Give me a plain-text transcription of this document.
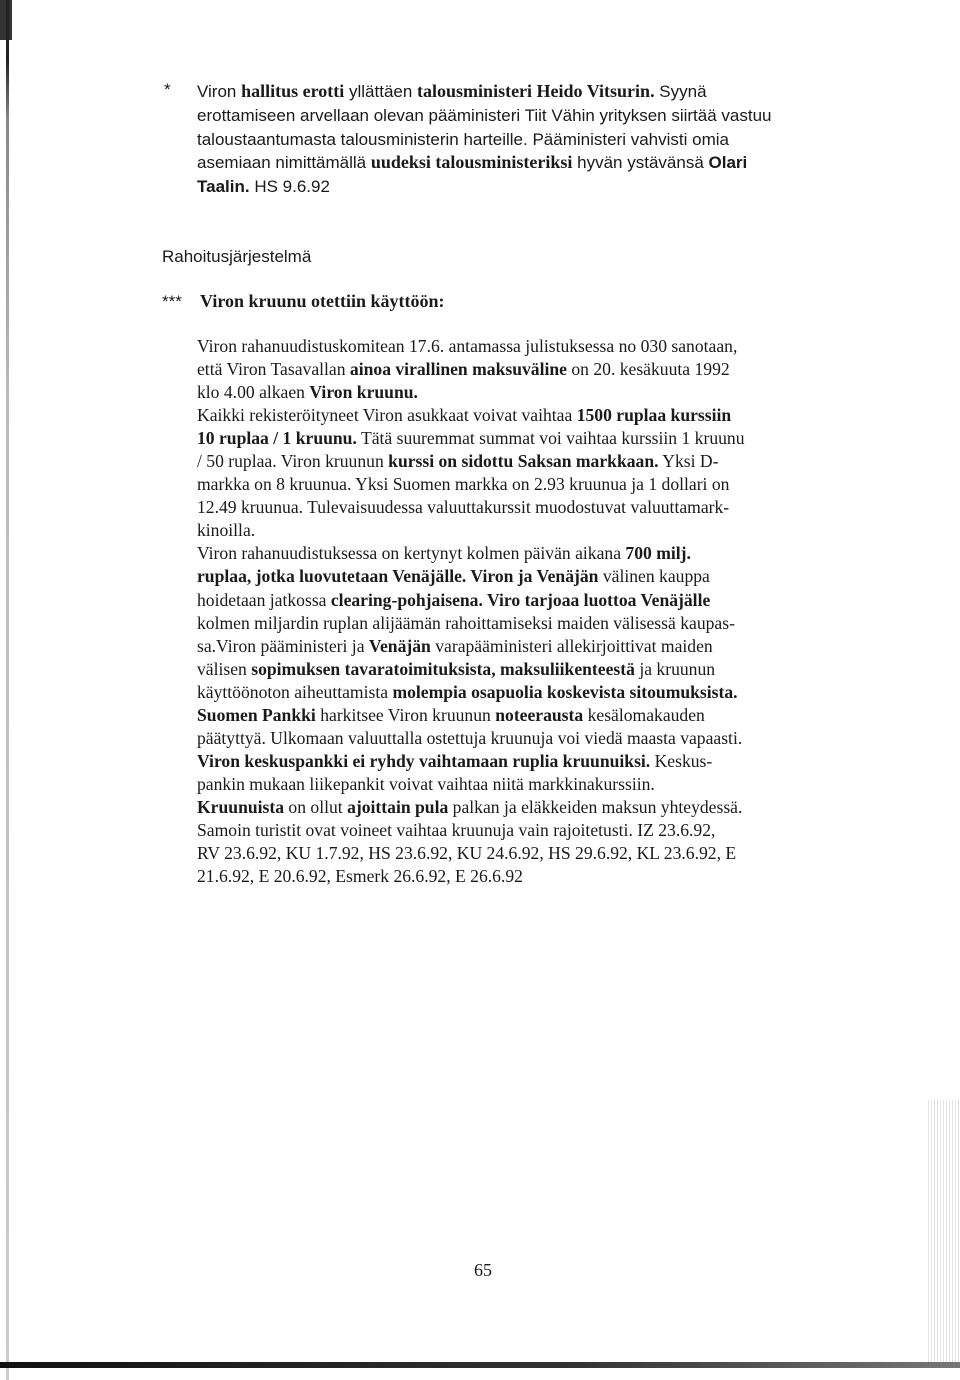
* Viron hallitus erotti yllättäen talousministeri Heido Vitsurin. Syynä
erottamiseen arvellaan olevan pääministeri Tiit Vähin yrityksen siirtää vastuu
taloustaantumasta talousministerin harteille. Pääministeri vahvisti omia
asemiaan nimittämällä uudeksi talousministeriksi hyvän ystävänsä Olari
Taalin. HS 9.6.92
Rahoitusjärjestelmä
*** Viron kruunu otettiin käyttöön:
Viron rahanuudistuskomitean 17.6. antamassa julistuksessa no 030 sanotaan,
että Viron Tasavallan ainoa virallinen maksuväline on 20. kesäkuuta 1992
klo 4.00 alkaen Viron kruunu.
Kaikki rekisteröityneet Viron asukkaat voivat vaihtaa 1500 ruplaa kurssiin
10 ruplaa / 1 kruunu. Tätä suuremmat summat voi vaihtaa kurssiin 1 kruunu
/ 50 ruplaa. Viron kruunun kurssi on sidottu Saksan markkaan. Yksi D-
markka on 8 kruunua. Yksi Suomen markka on 2.93 kruunua ja 1 dollari on
12.49 kruunua. Tulevaisuudessa valuuttakurssit muodostuvat valuuttamark-
kinoilla.
Viron rahanuudistuksessa on kertynyt kolmen päivän aikana 700 milj.
ruplaa, jotka luovutetaan Venäjälle. Viron ja Venäjän välinen kauppa
hoidetaan jatkossa clearing-pohjaisena. Viro tarjoaa luottoa Venäjälle
kolmen miljardin ruplan alijäämän rahoittamiseksi maiden välisessä kaupas-
sa.Viron pääministeri ja Venäjän varapääministeri allekirjoittivat maiden
välisen sopimuksen tavaratoimituksista, maksuliikenteestä ja kruunun
käyttöönoton aiheuttamista molempia osapuolia koskevista sitoumuksista.
Suomen Pankki harkitsee Viron kruunun noteerausta kesälomakauden
päätyttyä. Ulkomaan valuuttalla ostettuja kruunuja voi viedä maasta vapaasti.
Viron keskuspankki ei ryhdy vaihtamaan ruplia kruunuiksi. Keskus-
pankin mukaan liikepankit voivat vaihtaa niitä markkinakurssiin.
Kruunuista on ollut ajoittain pula palkan ja eläkkeiden maksun yhteydessä.
Samoin turistit ovat voineet vaihtaa kruunuja vain rajoitetusti. IZ 23.6.92,
RV 23.6.92, KU 1.7.92, HS 23.6.92, KU 24.6.92, HS 29.6.92, KL 23.6.92, E
21.6.92, E 20.6.92, Esmerk 26.6.92, E 26.6.92
65
